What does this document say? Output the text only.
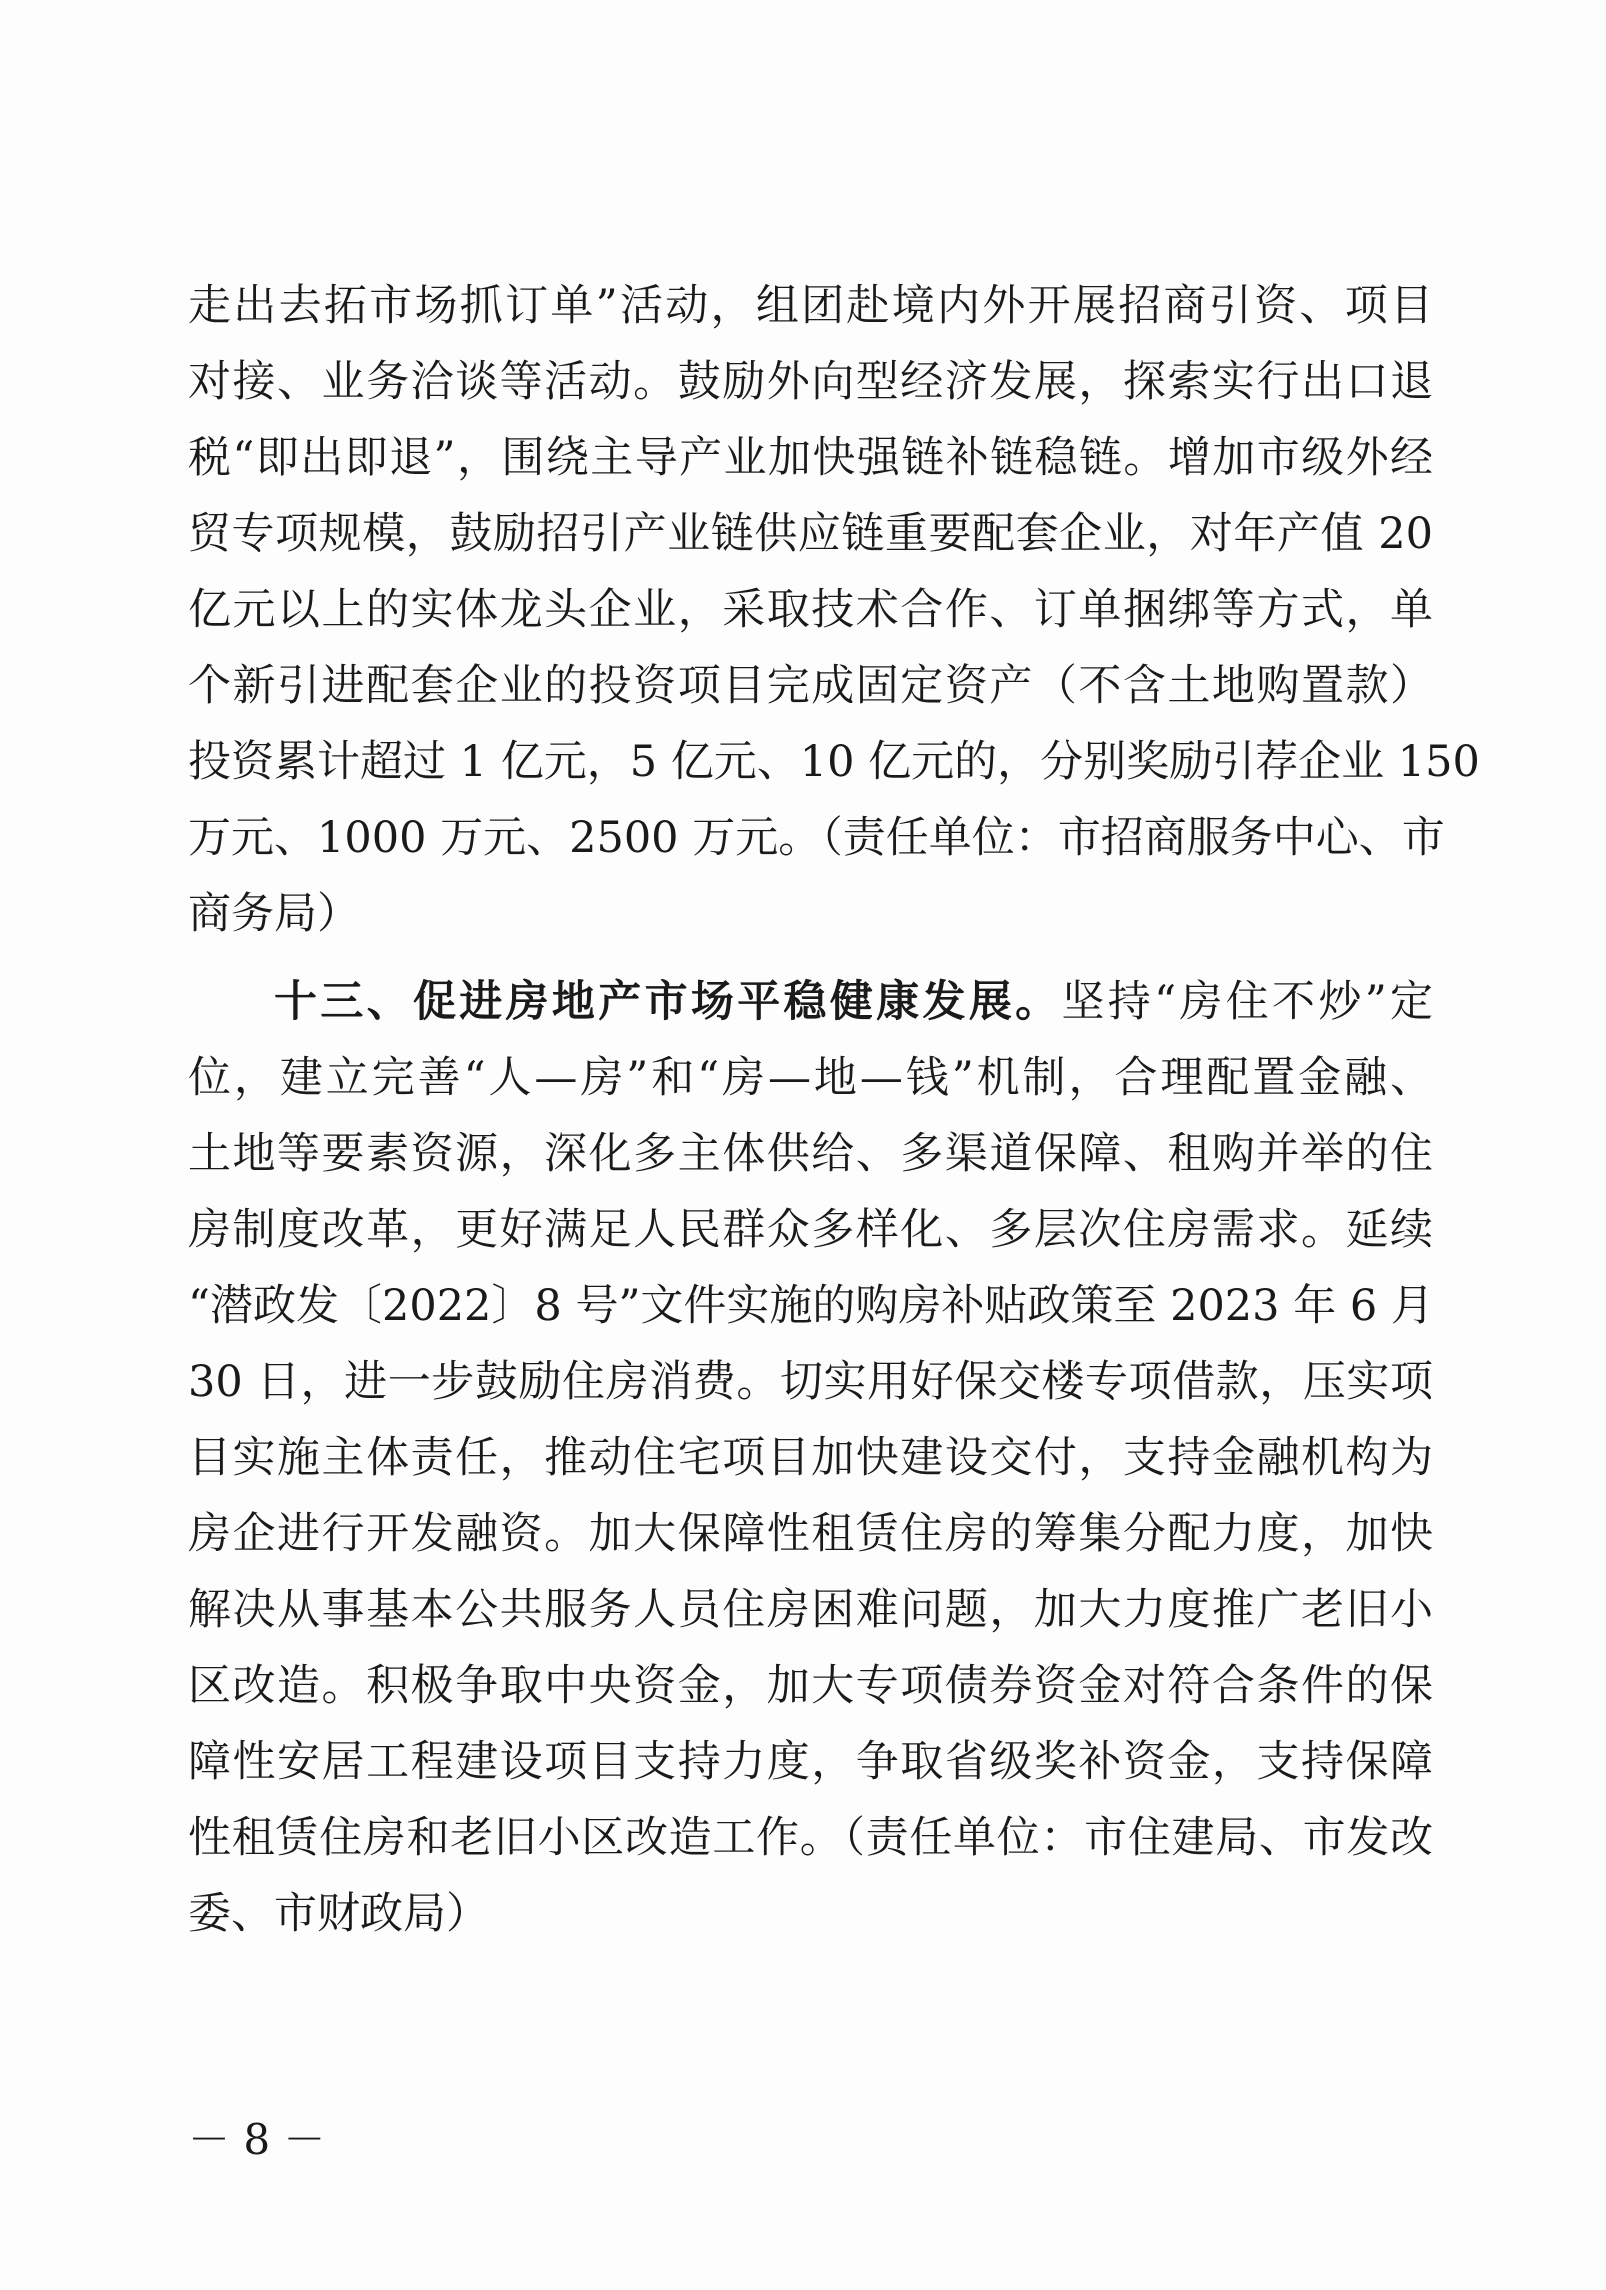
走出去拓市场抓订单”活动，组团赴境内外开展招商引资、项目
对接、业务洽谈等活动。鼓励外向型经济发展，探索实行出口退
税“即出即退”，围绕主导产业加快强链补链稳链。增加市级外经
贸专项规模，鼓励招引产业链供应链重要配套企业，对年产值 20
亿元以上的实体龙头企业，采取技术合作、订单捆绑等方式，单
个新引进配套企业的投资项目完成固定资产（不含土地购置款）
投资累计超过 1 亿元，5 亿元、10 亿元的，分别奖励引荐企业 150
万元、1000 万元、2500 万元。（责任单位：市招商服务中心、市
商务局）
十三、促进房地产市场平稳健康发展。坚持“房住不炒”定
位，建立完善“人—房”和“房—地—钱”机制，合理配置金融、
土地等要素资源，深化多主体供给、多渠道保障、租购并举的住
房制度改革，更好满足人民群众多样化、多层次住房需求。延续
“潜政发〔2022〕8 号”文件实施的购房补贴政策至 2023 年 6 月
30 日，进一步鼓励住房消费。切实用好保交楼专项借款，压实项
目实施主体责任，推动住宅项目加快建设交付，支持金融机构为
房企进行开发融资。加大保障性租赁住房的筹集分配力度，加快
解决从事基本公共服务人员住房困难问题，加大力度推广老旧小
区改造。积极争取中央资金，加大专项债券资金对符合条件的保
障性安居工程建设项目支持力度，争取省级奖补资金，支持保障
性租赁住房和老旧小区改造工作。（责任单位：市住建局、市发改
委、市财政局）
－ 8 －
